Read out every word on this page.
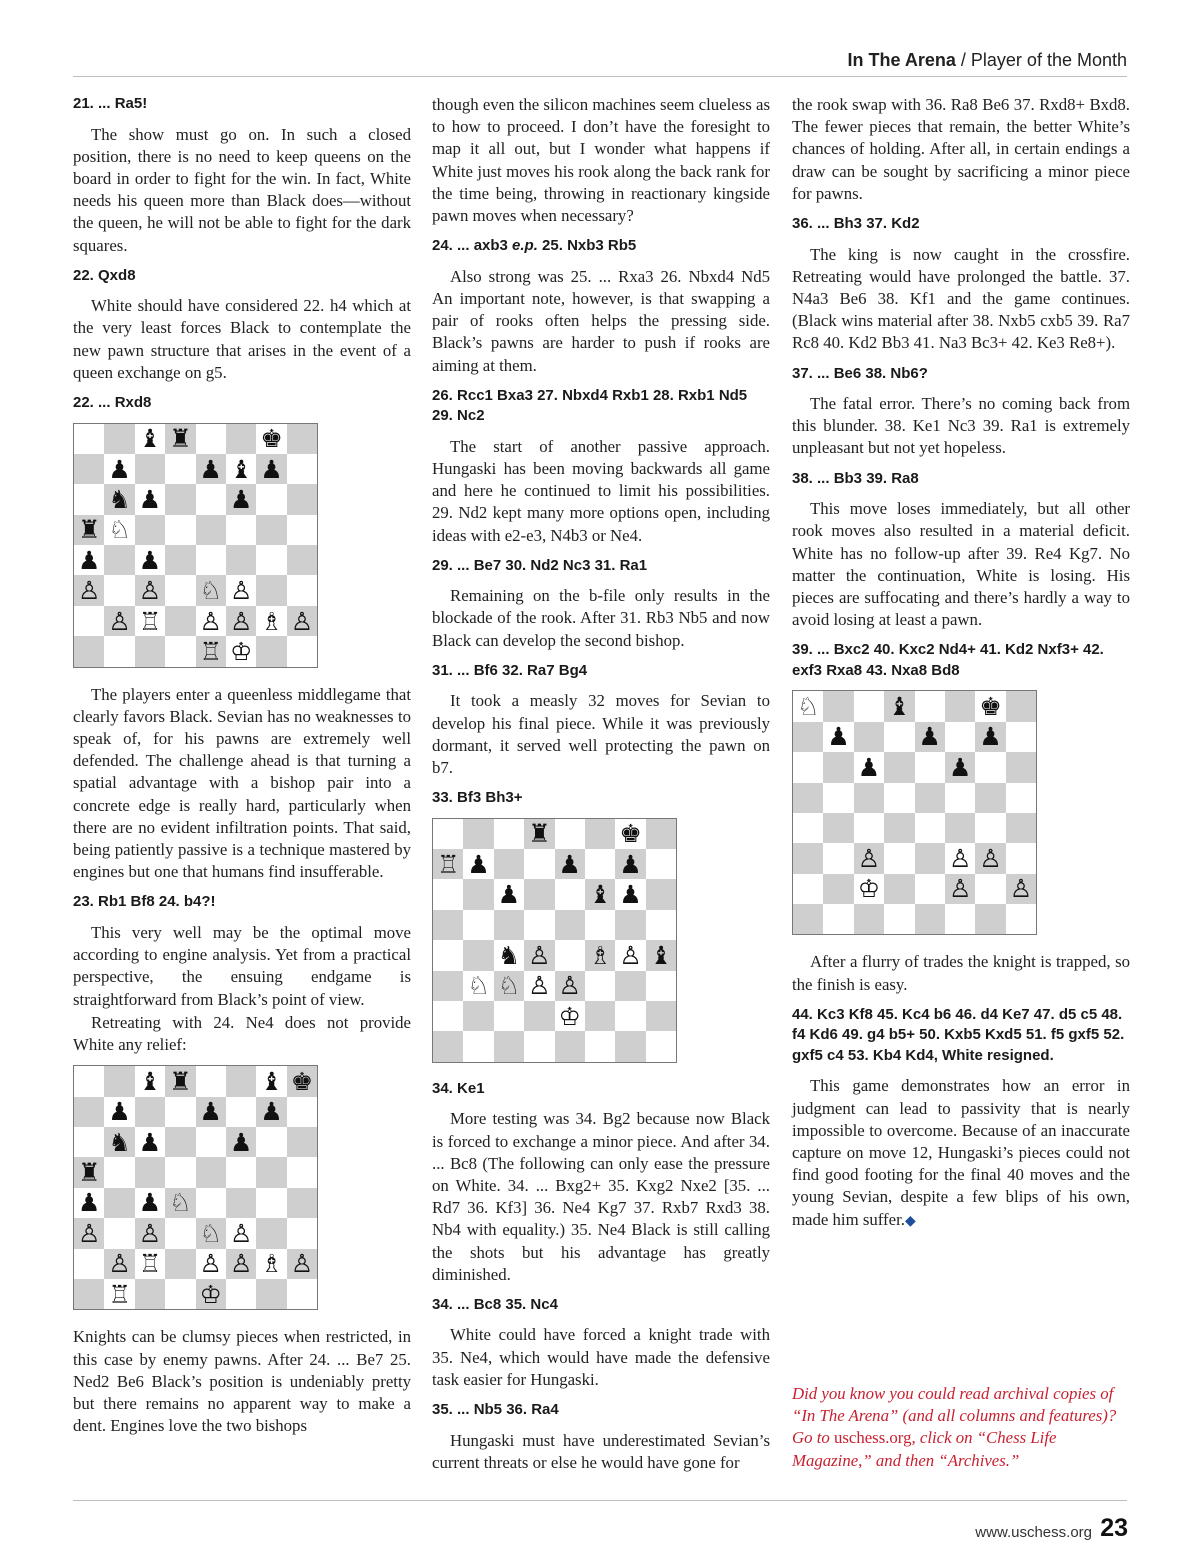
In The Arena / Player of the Month
21. ... Ra5!

The show must go on. In such a closed position, there is no need to keep queens on the board in order to fight for the win. In fact, White needs his queen more than Black does—without the queen, he will not be able to fight for the dark squares.

22. Qxd8

White should have considered 22. h4 which at the very least forces Black to contemplate the new pawn structure that arises in the event of a queen exchange on g5.

22. ... Rxd8
♝ ♜	♚
♟	♟ ♝ ♟
♞ ♟	♟
♜ ♘
♟ ♟
♙ ♙ ♘ ♙
♙ ♖ ♙ ♙ ♗ ♙
♖ ♔

The players enter a queenless middlegame that clearly favors Black. Sevian has no weaknesses to speak of, for his pawns are extremely well defended. The challenge ahead is that turning a spatial advantage with a bishop pair into a concrete edge is really hard, particularly when there are no evident infiltration points. That said, being patiently passive is a technique mastered by engines but one that humans find insufferable.

23. Rb1 Bf8 24. b4?!

This very well may be the optimal move according to engine analysis. Yet from a practical perspective, the ensuing endgame is straightforward from Black’s point of view.

Retreating with 24. Ne4 does not provide White any relief:

♝ ♜	♝ ♚
♟	♟ ♟
♞ ♟	♟
♜
♟ ♟ ♘
♙ ♙ ♘ ♙
♙ ♖ ♙ ♙ ♗ ♙
♖	♔

Knights can be clumsy pieces when restricted, in this case by enemy pawns. After 24. ... Be7 25. Ned2 Be6 Black’s position is undeniably pretty but there remains no apparent way to make a dent. Engines love the two bishops

though even the silicon machines seem clueless as to how to proceed. I don’t have the foresight to map it all out, but I wonder what happens if White just moves his rook along the back rank for the time being, throwing in reactionary kingside pawn moves when necessary?

24. ... axb3 e.p. 25. Nxb3 Rb5

Also strong was 25. ... Rxa3 26. Nbxd4 Nd5 An important note, however, is that swapping a pair of rooks often helps the pressing side. Black’s pawns are harder to push if rooks are aiming at them.

26. Rcc1 Bxa3 27. Nbxd4 Rxb1 28. Rxb1 Nd5 29. Nc2

The start of another passive approach. Hungaski has been moving backwards all game and here he continued to limit his possibilities. 29. Nd2 kept many more options open, including ideas with e2-e3, N4b3 or Ne4.

29. ... Be7 30. Nd2 Nc3 31. Ra1

Remaining on the b-file only results in the blockade of the rook. After 31. Rb3 Nb5 and now Black can develop the second bishop.

31. ... Bf6 32. Ra7 Bg4

It took a measly 32 moves for Sevian to develop his final piece. While it was previously dormant, it served well protecting the pawn on b7.

33. Bf3 Bh3+
♜	♚
♖ ♟	♟ ♟
♟	♝ ♟
♞ ♙ ♗ ♙ ♝
♘ ♘ ♙ ♙
♔
34. Ke1

More testing was 34. Bg2 because now Black is forced to exchange a minor piece. And after 34. ... Bc8 (The following can only ease the pressure on White. 34. ... Bxg2+ 35. Kxg2 Nxe2 [35. ... Rd7 36. Kf3] 36. Ne4 Kg7 37. Rxb7 Rxd3 38. Nb4 with equality.) 35. Ne4 Black is still calling the shots but his advantage has greatly diminished.

34. ... Bc8 35. Nc4

White could have forced a knight trade with 35. Ne4, which would have made the defensive task easier for Hungaski.

35. ... Nb5 36. Ra4

Hungaski must have underestimated Sevian’s current threats or else he would have gone for

the rook swap with 36. Ra8 Be6 37. Rxd8+ Bxd8. The fewer pieces that remain, the better White’s chances of holding. After all, in certain endings a draw can be sought by sacrificing a minor piece for pawns.

36. ... Bh3 37. Kd2

The king is now caught in the crossfire. Retreating would have prolonged the battle. 37. N4a3 Be6 38. Kf1 and the game continues. (Black wins material after 38. Nxb5 cxb5 39. Ra7 Rc8 40. Kd2 Bb3 41. Na3 Bc3+ 42. Ke3 Re8+).

37. ... Be6 38. Nb6?

The fatal error. There’s no coming back from this blunder. 38. Ke1 Nc3 39. Ra1 is extremely unpleasant but not yet hopeless.

38. ... Bb3 39. Ra8

This move loses immediately, but all other rook moves also resulted in a material deficit. White has no follow-up after 39. Re4 Kg7. No matter the continuation, White is losing. His pieces are suffocating and there’s hardly a way to avoid losing at least a pawn.

39. ... Bxc2 40. Kxc2 Nd4+ 41. Kd2 Nxf3+ 42. exf3 Rxa8 43. Nxa8 Bd8
♘	♝	♚
♟	♟ ♟
♟	♟
♙	♙ ♙
♔	♙ ♙

After a flurry of trades the knight is trapped, so the finish is easy.

44. Kc3 Kf8 45. Kc4 b6 46. d4 Ke7 47. d5 c5 48. f4 Kd6 49. g4 b5+ 50. Kxb5 Kxd5 51. f5 gxf5 52. gxf5 c4 53. Kb4 Kd4, White resigned.

This game demonstrates how an error in judgment can lead to passivity that is nearly impossible to overcome. Because of an inaccurate capture on move 12, Hungaski’s pieces could not find good footing for the final 40 moves and the young Sevian, despite a few blips of his own, made him suffer.◆

Did you know you could read archival copies of “In The Arena” (and all columns and features)? Go to uschess.org, click on “Chess Life Magazine,” and then “Archives.”
www.uschess.org 23
